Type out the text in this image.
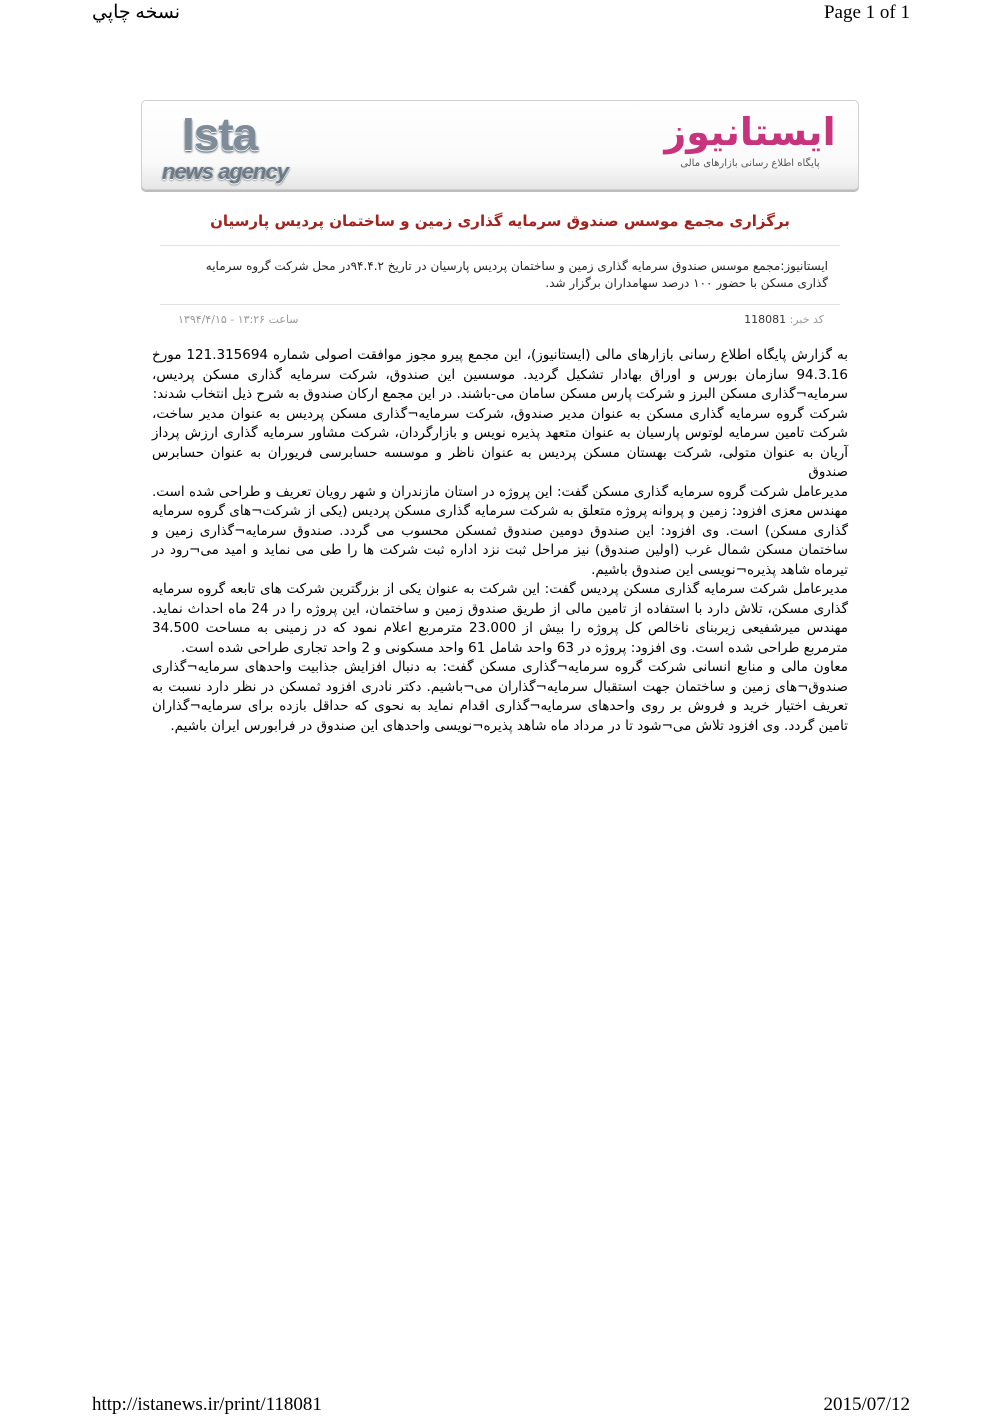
نسخه چاپي	Page 1 of 1
Ista
news agency
ایستانیوز
پایگاه اطلاع رسانی بازارهای مالی
برگزاری مجمع موسس صندوق سرمایه گذاری زمین و ساختمان پردیس پارسیان
ایستانیوز:مجمع موسس صندوق سرمایه گذاری زمین و ساختمان پردیس پارسیان در تاریخ ۹۴.۴.۲در محل شرکت گروه سرمایه گذاری مسکن با حضور ۱۰۰ درصد سهامداران برگزار شد.
کد خبر: 118081
ساعت ۱۳:۲۶ - ۱۳۹۴/۴/۱۵

به گزارش پایگاه اطلاع رسانی بازارهای مالی (ایستانیوز)، این مجمع پیرو مجوز موافقت اصولی شماره 121.315694 مورخ 94.3.16 سازمان بورس و اوراق بهادار تشکیل گردید. موسسین این صندوق، شرکت سرمایه گذاری مسکن پردیس، سرمایه¬گذاری مسکن البرز و شرکت پارس مسکن سامان می-باشند. در این مجمع ارکان صندوق به شرح ذیل انتخاب شدند:

شرکت گروه سرمایه گذاری مسکن به عنوان مدیر صندوق، شرکت سرمایه¬گذاری مسکن پردیس به عنوان مدیر ساخت، شرکت تامین سرمایه لوتوس پارسیان به عنوان متعهد پذیره نویس و بازارگردان، شرکت مشاور سرمایه گذاری ارزش پرداز آریان به عنوان متولی، شرکت بهستان مسکن پردیس به عنوان ناظر و موسسه حسابرسی فریوران به عنوان حسابرس صندوق

مدیرعامل شرکت گروه سرمایه گذاری مسکن گفت: این پروژه در استان مازندران و شهر رویان تعریف و طراحی شده است. مهندس معزی افزود: زمین و پروانه پروژه متعلق به شرکت سرمایه گذاری مسکن پردیس (یکی از شرکت¬های گروه سرمایه گذاری مسکن) است. وی افزود: این صندوق دومین صندوق ثمسکن محسوب می گردد. صندوق سرمایه¬گذاری زمین و ساختمان مسکن شمال غرب (اولین صندوق) نیز مراحل ثبت نزد اداره ثبت شرکت ها را طی می نماید و امید می¬رود در تیرماه شاهد پذیره¬نویسی این صندوق باشیم.

مدیرعامل شرکت سرمایه گذاری مسکن پردیس گفت: این شرکت به عنوان یکی از بزرگترین شرکت های تابعه گروه سرمایه گذاری مسکن، تلاش دارد با استفاده از تامین مالی از طریق صندوق زمین و ساختمان، این پروژه را در 24 ماه احداث نماید. مهندس میرشفیعی زیربنای ناخالص کل پروژه را بیش از 23.000 مترمربع اعلام نمود که در زمینی به مساحت 34.500 مترمربع طراحی شده است. وی افزود: پروژه در 63 واحد شامل 61 واحد مسکونی و 2 واحد تجاری طراحی شده است.

معاون مالی و منابع انسانی شرکت گروه سرمایه¬گذاری مسکن گفت: به دنبال افزایش جذابیت واحدهای سرمایه¬گذاری صندوق¬های زمین و ساختمان جهت استقبال سرمایه¬گذاران می¬باشیم. دکتر نادری افزود ثمسکن در نظر دارد نسبت به تعریف اختیار خرید و فروش بر روی واحدهای سرمایه¬گذاری اقدام نماید به نحوی که حداقل بازده برای سرمایه¬گذاران تامین گردد. وی افزود تلاش می¬شود تا در مرداد ماه شاهد پذیره¬نویسی واحدهای این صندوق در فرابورس ایران باشیم.

http://istanews.ir/print/118081	2015/07/12
